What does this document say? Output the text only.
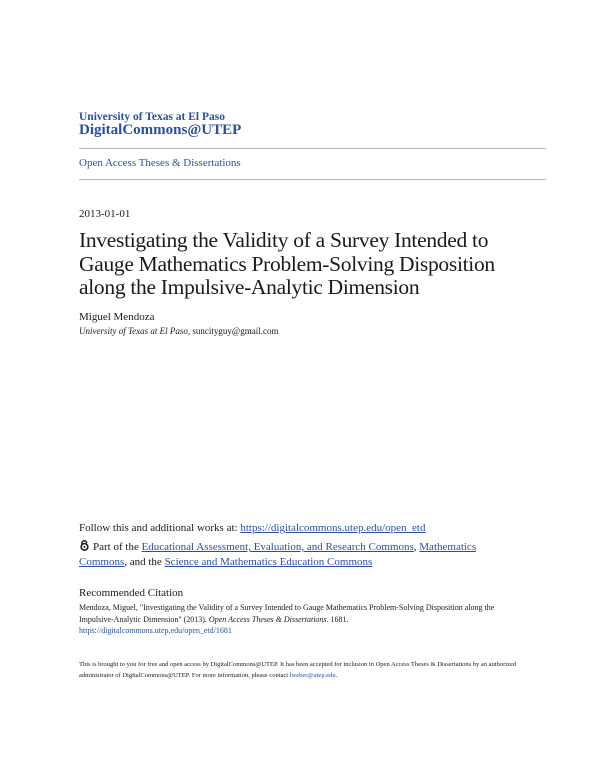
University of Texas at El Paso
DigitalCommons@UTEP
Open Access Theses & Dissertations
2013-01-01
Investigating the Validity of a Survey Intended to
Gauge Mathematics Problem-Solving Disposition
along the Impulsive-Analytic Dimension
Miguel Mendoza
University of Texas at El Paso, suncityguy@gmail.com
Follow this and additional works at: https://digitalcommons.utep.edu/open_etd
Part of the Educational Assessment, Evaluation, and Research Commons, Mathematics Commons, and the Science and Mathematics Education Commons
Recommended Citation
Mendoza, Miguel, "Investigating the Validity of a Survey Intended to Gauge Mathematics Problem-Solving Disposition along the Impulsive-Analytic Dimension" (2013). Open Access Theses & Dissertations. 1681.
https://digitalcommons.utep.edu/open_etd/1681
This is brought to you for free and open access by DigitalCommons@UTEP. It has been accepted for inclusion in Open Access Theses & Dissertations by an authorized administrator of DigitalCommons@UTEP. For more information, please contact lweber@utep.edu.
